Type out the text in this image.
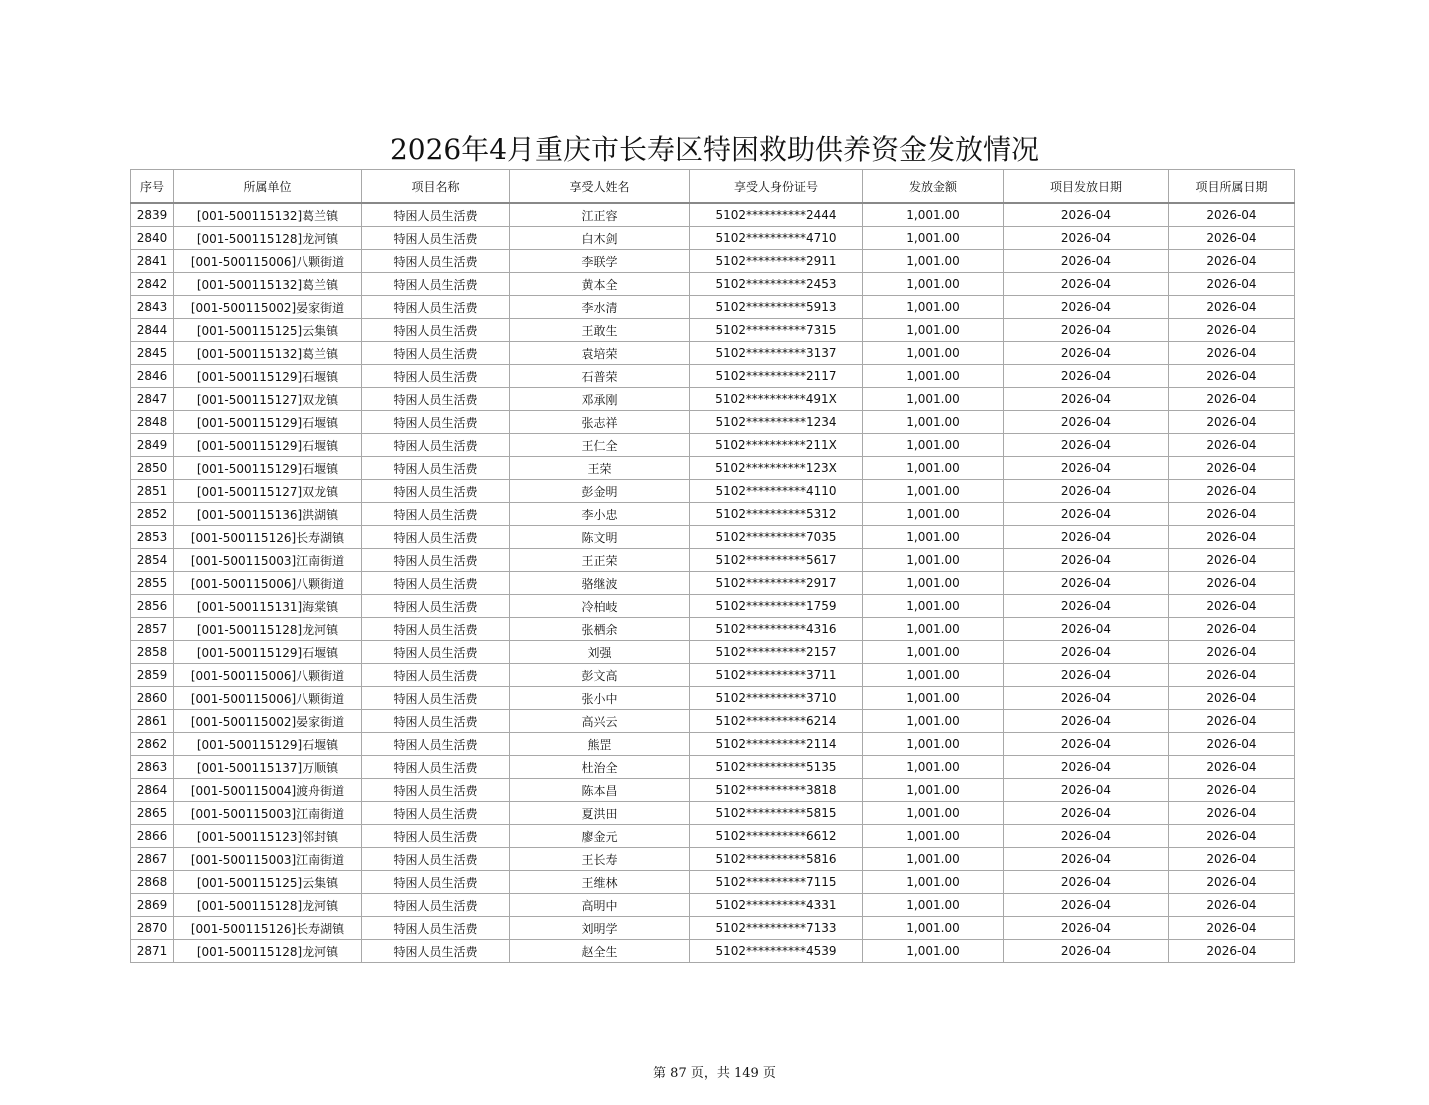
2026年4月重庆市长寿区特困救助供养资金发放情况
序号	所属单位	项目名称	享受人姓名	享受人身份证号	发放金额	项目发放日期	项目所属日期
2839	[001-500115132]葛兰镇	特困人员生活费	江正容	5102**********2444	1,001.00	2026-04	2026-04
2840	[001-500115128]龙河镇	特困人员生活费	白木剑	5102**********4710	1,001.00	2026-04	2026-04
2841	[001-500115006]八颗街道	特困人员生活费	李联学	5102**********2911	1,001.00	2026-04	2026-04
2842	[001-500115132]葛兰镇	特困人员生活费	黄本全	5102**********2453	1,001.00	2026-04	2026-04
2843	[001-500115002]晏家街道	特困人员生活费	李水清	5102**********5913	1,001.00	2026-04	2026-04
2844	[001-500115125]云集镇	特困人员生活费	王敢生	5102**********7315	1,001.00	2026-04	2026-04
2845	[001-500115132]葛兰镇	特困人员生活费	袁培荣	5102**********3137	1,001.00	2026-04	2026-04
2846	[001-500115129]石堰镇	特困人员生活费	石普荣	5102**********2117	1,001.00	2026-04	2026-04
2847	[001-500115127]双龙镇	特困人员生活费	邓承刚	5102**********491X	1,001.00	2026-04	2026-04
2848	[001-500115129]石堰镇	特困人员生活费	张志祥	5102**********1234	1,001.00	2026-04	2026-04
2849	[001-500115129]石堰镇	特困人员生活费	王仁全	5102**********211X	1,001.00	2026-04	2026-04
2850	[001-500115129]石堰镇	特困人员生活费	王荣	5102**********123X	1,001.00	2026-04	2026-04
2851	[001-500115127]双龙镇	特困人员生活费	彭金明	5102**********4110	1,001.00	2026-04	2026-04
2852	[001-500115136]洪湖镇	特困人员生活费	李小忠	5102**********5312	1,001.00	2026-04	2026-04
2853	[001-500115126]长寿湖镇	特困人员生活费	陈文明	5102**********7035	1,001.00	2026-04	2026-04
2854	[001-500115003]江南街道	特困人员生活费	王正荣	5102**********5617	1,001.00	2026-04	2026-04
2855	[001-500115006]八颗街道	特困人员生活费	骆继波	5102**********2917	1,001.00	2026-04	2026-04
2856	[001-500115131]海棠镇	特困人员生活费	冷柏岐	5102**********1759	1,001.00	2026-04	2026-04
2857	[001-500115128]龙河镇	特困人员生活费	张栖余	5102**********4316	1,001.00	2026-04	2026-04
2858	[001-500115129]石堰镇	特困人员生活费	刘强	5102**********2157	1,001.00	2026-04	2026-04
2859	[001-500115006]八颗街道	特困人员生活费	彭文高	5102**********3711	1,001.00	2026-04	2026-04
2860	[001-500115006]八颗街道	特困人员生活费	张小中	5102**********3710	1,001.00	2026-04	2026-04
2861	[001-500115002]晏家街道	特困人员生活费	高兴云	5102**********6214	1,001.00	2026-04	2026-04
2862	[001-500115129]石堰镇	特困人员生活费	熊罡	5102**********2114	1,001.00	2026-04	2026-04
2863	[001-500115137]万顺镇	特困人员生活费	杜治全	5102**********5135	1,001.00	2026-04	2026-04
2864	[001-500115004]渡舟街道	特困人员生活费	陈本昌	5102**********3818	1,001.00	2026-04	2026-04
2865	[001-500115003]江南街道	特困人员生活费	夏洪田	5102**********5815	1,001.00	2026-04	2026-04
2866	[001-500115123]邻封镇	特困人员生活费	廖金元	5102**********6612	1,001.00	2026-04	2026-04
2867	[001-500115003]江南街道	特困人员生活费	王长寿	5102**********5816	1,001.00	2026-04	2026-04
2868	[001-500115125]云集镇	特困人员生活费	王维林	5102**********7115	1,001.00	2026-04	2026-04
2869	[001-500115128]龙河镇	特困人员生活费	高明中	5102**********4331	1,001.00	2026-04	2026-04
2870	[001-500115126]长寿湖镇	特困人员生活费	刘明学	5102**********7133	1,001.00	2026-04	2026-04
2871	[001-500115128]龙河镇	特困人员生活费	赵全生	5102**********4539	1,001.00	2026-04	2026-04
第 87 页，共 149 页
